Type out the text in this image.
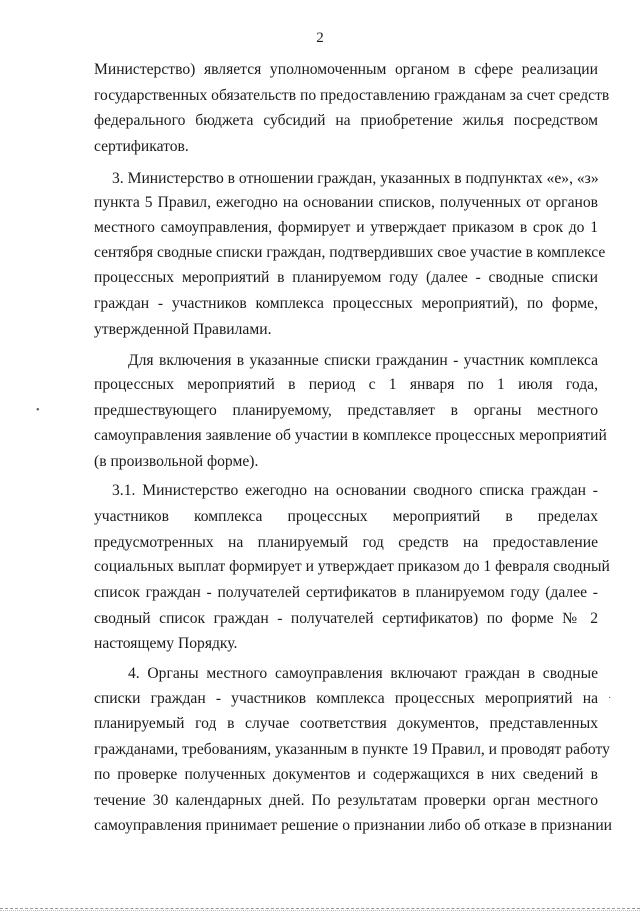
2
Министерство) является уполномоченным органом в сфере реализации
государственных обязательств по предоставлению гражданам за счет средств
федерального бюджета субсидий на приобретение жилья посредством
сертификатов.
3. Министерство в отношении граждан, указанных в подпунктах «е», «з»
пункта 5 Правил, ежегодно на основании списков, полученных от органов
местного самоуправления, формирует и утверждает приказом в срок до 1
сентября сводные списки граждан, подтвердивших свое участие в комплексе
процессных мероприятий в планируемом году (далее - сводные списки
граждан - участников комплекса процессных мероприятий), по форме,
утвержденной Правилами.
Для включения в указанные списки гражданин - участник комплекса
процессных мероприятий в период с 1 января по 1 июля года,
предшествующего планируемому, представляет в органы местного
самоуправления заявление об участии в комплексе процессных мероприятий
(в произвольной форме).
3.1. Министерство ежегодно на основании сводного списка граждан -
участников комплекса процессных мероприятий в пределах
предусмотренных на планируемый год средств на предоставление
социальных выплат формирует и утверждает приказом до 1 февраля сводный
список граждан - получателей сертификатов в планируемом году (далее -
сводный список граждан - получателей сертификатов) по форме № 2
настоящему Порядку.
4. Органы местного самоуправления включают граждан в сводные
списки граждан - участников комплекса процессных мероприятий на
планируемый год в случае соответствия документов, представленных
гражданами, требованиям, указанным в пункте 19 Правил, и проводят работу
по проверке полученных документов и содержащихся в них сведений в
течение 30 календарных дней. По результатам проверки орган местного
самоуправления принимает решение о признании либо об отказе в признании
•
·
